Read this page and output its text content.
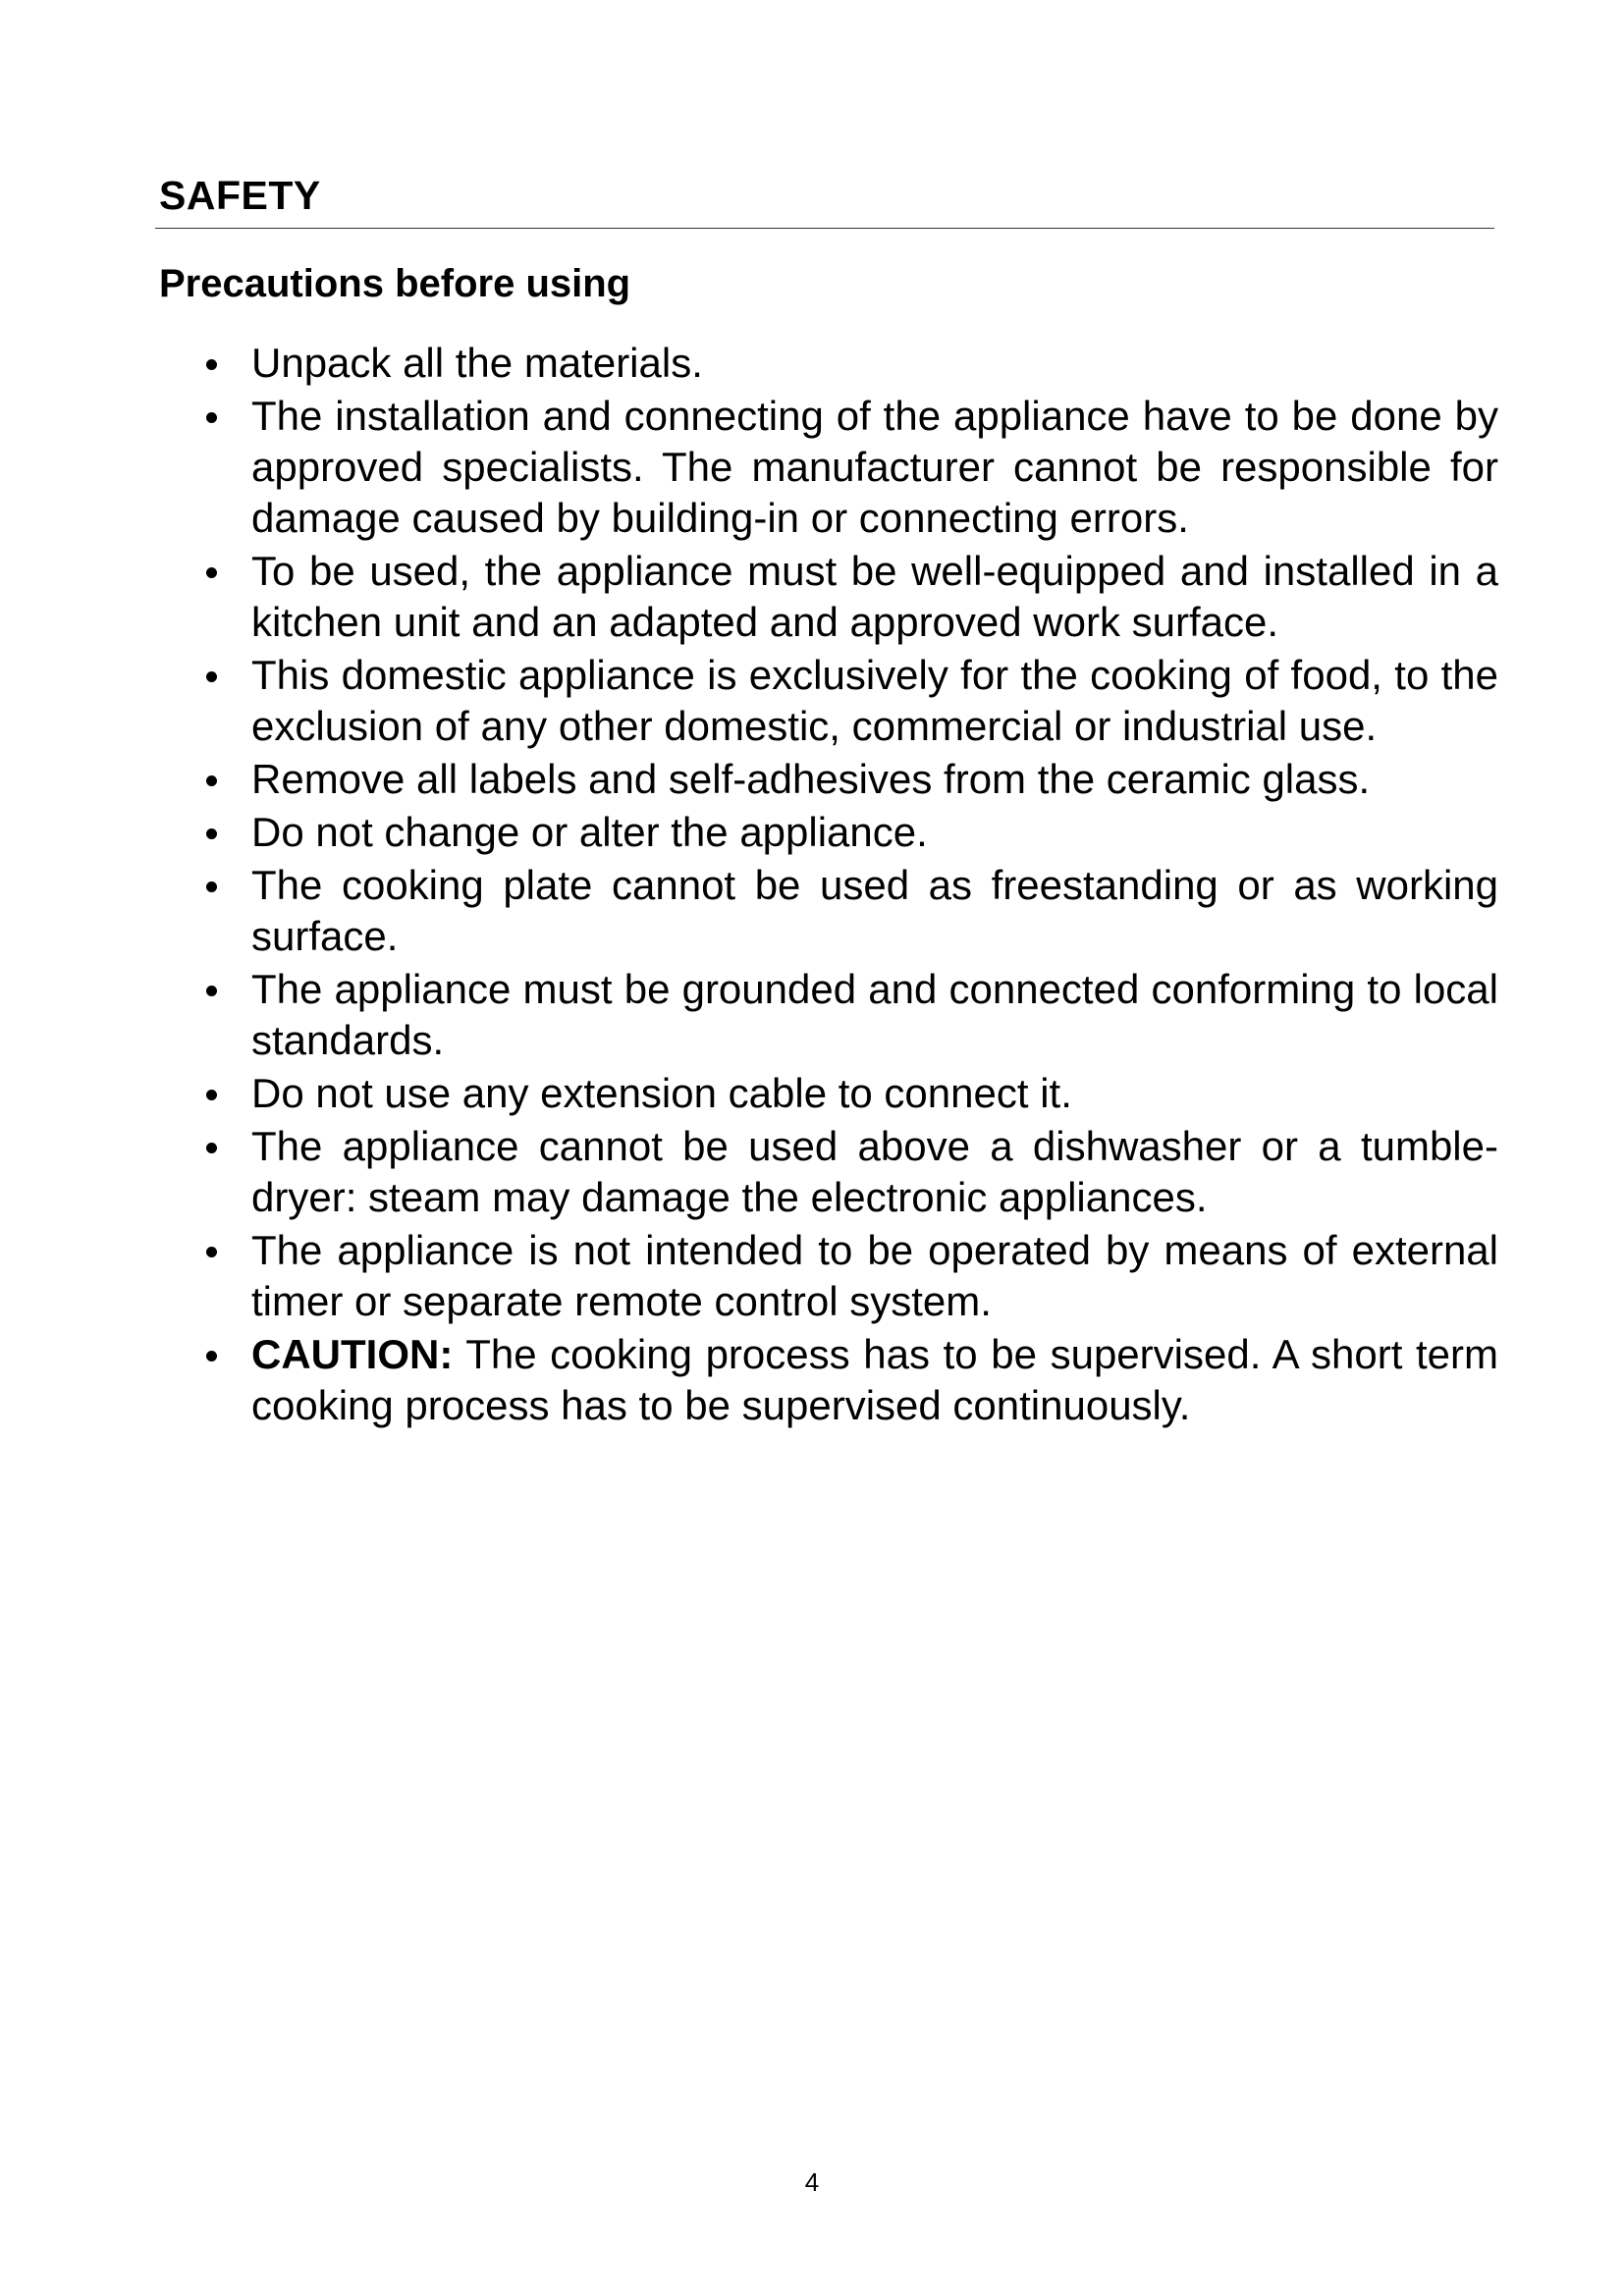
SAFETY
Precautions before using
Unpack all the materials.
The installation and connecting of the appliance have to be done by approved specialists. The manufacturer cannot be responsible for damage caused by building-in or connecting errors.
To be used, the appliance must be well-equipped and installed in a kitchen unit and an adapted and approved work surface.
This domestic appliance is exclusively for the cooking of food, to the exclusion of any other domestic, commercial or industrial use.
Remove all labels and self-adhesives from the ceramic glass.
Do not change or alter the appliance.
The cooking plate cannot be used as freestanding or as working surface.
The appliance must be grounded and connected conforming to local standards.
Do not use any extension cable to connect it.
The appliance cannot be used above a dishwasher or a tumble-dryer: steam may damage the electronic appliances.
The appliance is not intended to be operated by means of external timer or separate remote control system.
CAUTION: The cooking process has to be supervised. A short term cooking process has to be supervised continuously.
4
